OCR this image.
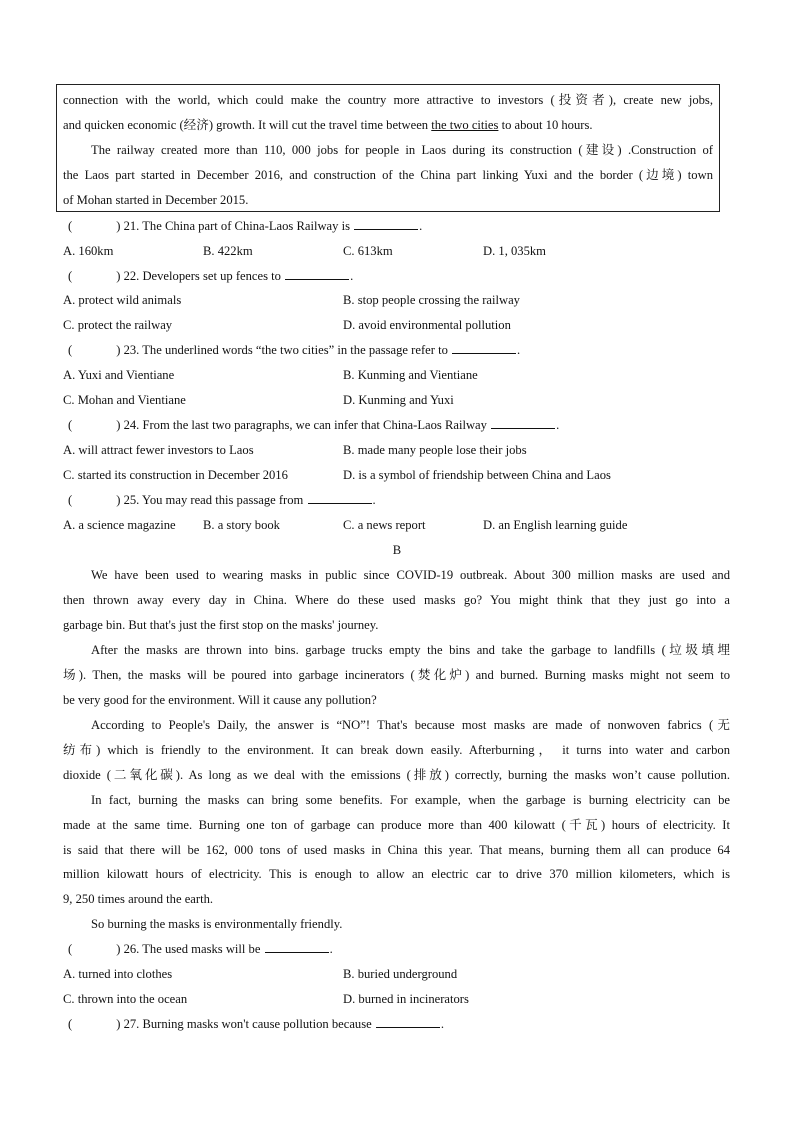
connection with the world, which could make the country more attractive to investors (投资者), create new jobs,
and quicken economic (经济) growth. It will cut the travel time between the two cities to about 10 hours.
The railway created more than 110, 000 jobs for people in Laos during its construction (建设) .Construction of
the Laos part started in December 2016, and construction of the China part linking Yuxi and the border (边境) town
of Mohan started in December 2015.
(	) 21. The China part of China-Laos Railway is	.
A. 160km	B. 422km	C. 613km	D. 1, 035km
(	) 22. Developers set up fences to	.
A. protect wild animals	B. stop people crossing the railway
C. protect the railway	D. avoid environmental pollution
(	) 23. The underlined words “the two cities” in the passage refer to	.
A. Yuxi and Vientiane	B. Kunming and Vientiane
C. Mohan and Vientiane	D. Kunming and Yuxi
(	) 24. From the last two paragraphs, we can infer that China-Laos Railway	.
A. will attract fewer investors to Laos	B. made many people lose their jobs
C. started its construction in December 2016	D. is a symbol of friendship between China and Laos
(	) 25. You may read this passage from	.
A. a science magazine B. a story book	C. a news report	D. an English learning guide
B
We have been used to wearing masks in public since COVID-19 outbreak. About 300 million masks are used and
then thrown away every day in China. Where do these used masks go? You might think that they just go into a
garbage bin. But that's just the first stop on the masks' journey.
After the masks are thrown into bins. garbage trucks empty the bins and take the garbage to landfills (垃圾填埋
场). Then, the masks will be poured into garbage incinerators (焚化炉) and burned. Burning masks might not seem to
be very good for the environment. Will it cause any pollution?
According to People's Daily, the answer is “NO”! That's because most masks are made of nonwoven fabrics (无
纺布) which is friendly to the environment. It can break down easily. Afterburning， it turns into water and carbon
dioxide (二氧化碳). As long as we deal with the emissions (排放) correctly, burning the masks won’t cause pollution.
In fact, burning the masks can bring some benefits. For example, when the garbage is burning electricity can be
made at the same time. Burning one ton of garbage can produce more than 400 kilowatt (千瓦) hours of electricity. It
is said that there will be 162, 000 tons of used masks in China this year. That means, burning them all can produce 64
million kilowatt hours of electricity. This is enough to allow an electric car to drive 370 million kilometers, which is
9, 250 times around the earth.
So burning the masks is environmentally friendly.
(	) 26. The used masks will be	.
A. turned into clothes	B. buried underground
C. thrown into the ocean	D. burned in incinerators
(	) 27. Burning masks won't cause pollution because	.
